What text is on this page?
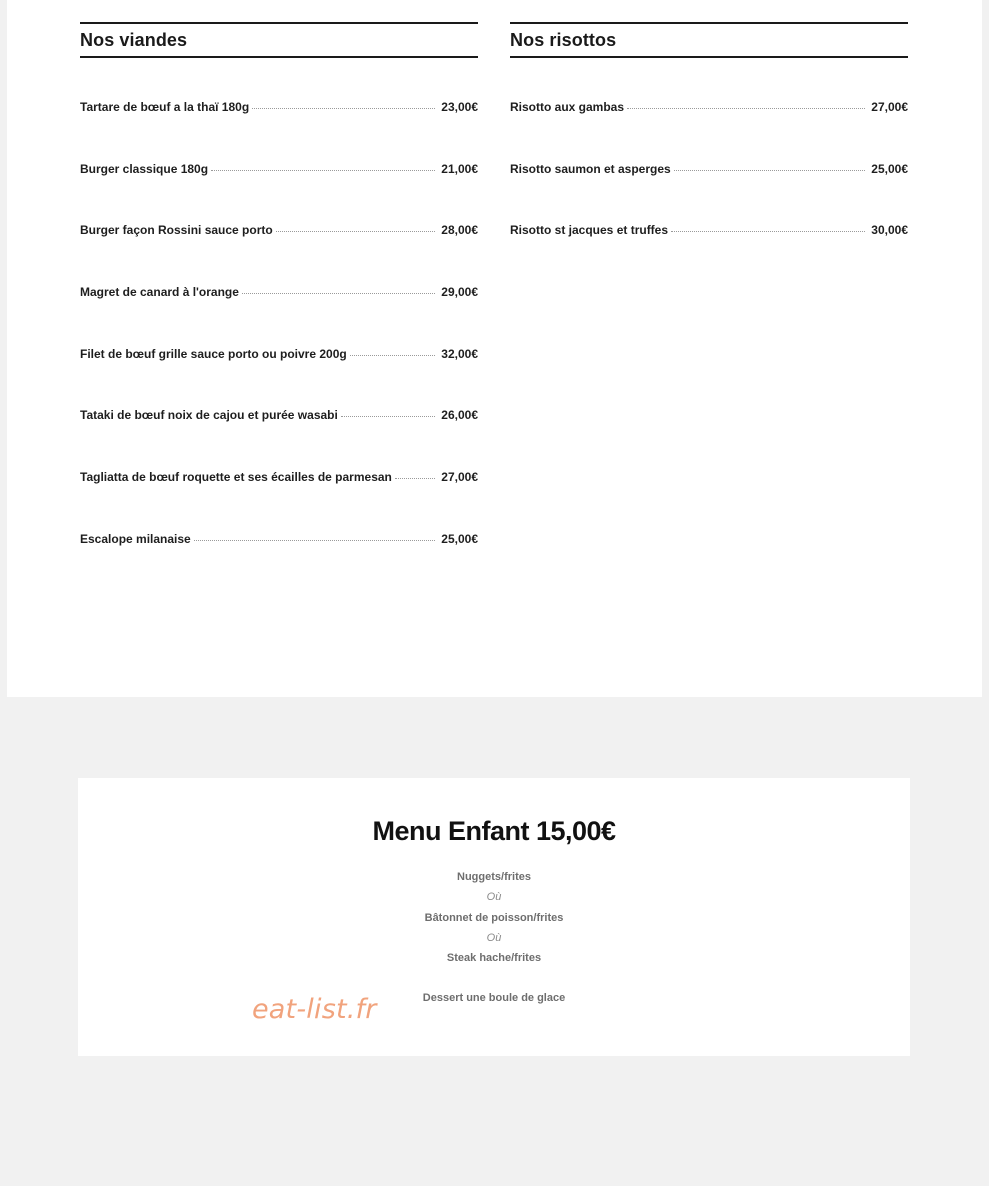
Nos viandes
Tartare de bœuf a la thaï 180g	23,00€
Burger classique 180g	21,00€
Burger façon Rossini sauce porto	28,00€
Magret de canard à l'orange	29,00€
Filet de bœuf grille sauce porto ou poivre 200g	32,00€
Tataki de bœuf noix de cajou et purée wasabi	26,00€
Tagliatta de bœuf roquette et ses écailles de parmesan	27,00€
Escalope milanaise	25,00€
Nos risottos
Risotto aux gambas	27,00€
Risotto saumon et asperges	25,00€
Risotto st jacques et truffes	30,00€
Menu Enfant 15,00€
Nuggets/frites
Où
Bâtonnet de poisson/frites
Où
Steak hache/frites
Dessert une boule de glace
eat-list.fr
